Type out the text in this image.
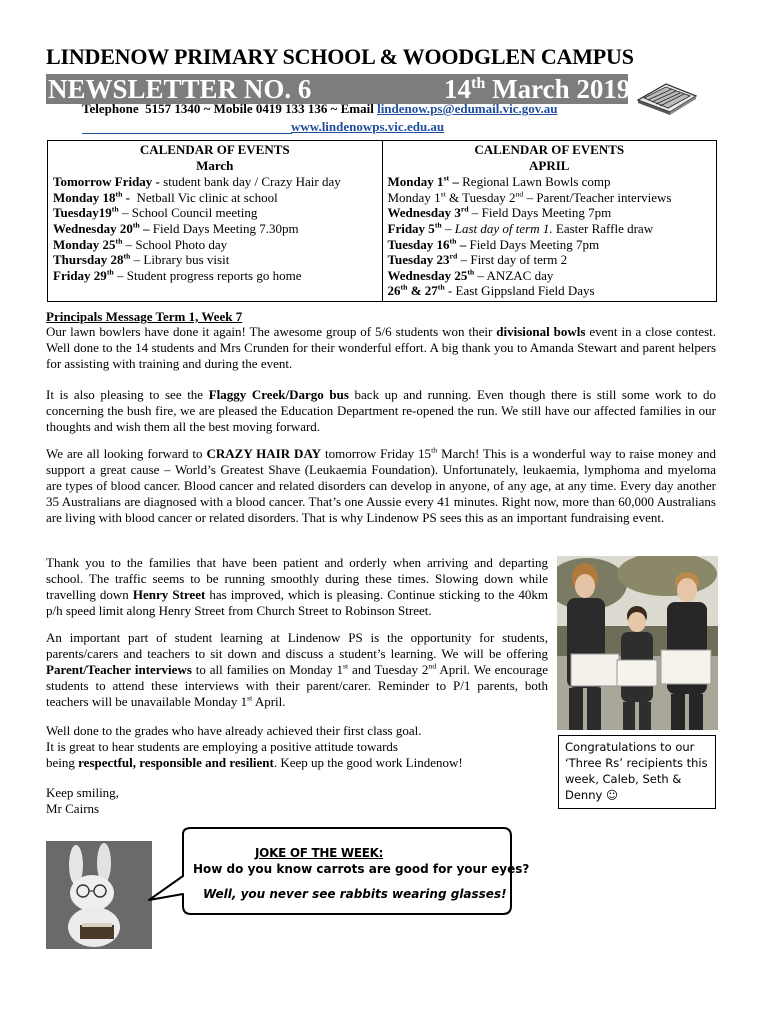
LINDENOW PRIMARY SCHOOL & WOODGLEN CAMPUS
NEWSLETTER NO. 6	14th March 2019
Telephone  5157 1340 ~ Mobile 0419 133 136 ~ Email lindenow.ps@edumail.vic.gov.au
www.lindenowps.vic.edu.au
CALENDAR OF EVENTS
March
Tomorrow Friday - student bank day / Crazy Hair day
Monday 18th -  Netball Vic clinic at school
Tuesday19th – School Council meeting
Wednesday 20th – Field Days Meeting 7.30pm
Monday 25th – School Photo day
Thursday 28th – Library bus visit
Friday 29th – Student progress reports go home

CALENDAR OF EVENTS
APRIL
Monday 1st – Regional Lawn Bowls comp
Monday 1st & Tuesday 2nd – Parent/Teacher interviews
Wednesday 3rd – Field Days Meeting 7pm
Friday 5th – Last day of term 1. Easter Raffle draw
Tuesday 16th – Field Days Meeting 7pm
Tuesday 23rd – First day of term 2
Wednesday 25th – ANZAC day
26th & 27th - East Gippsland Field Days
Principals Message Term 1, Week 7
Our lawn bowlers have done it again! The awesome group of 5/6 students won their divisional bowls event in a close contest. Well done to the 14 students and Mrs Crunden for their wonderful effort. A big thank you to Amanda Stewart and parent helpers for assisting with training and during the event.
It is also pleasing to see the Flaggy Creek/Dargo bus back up and running. Even though there is still some work to do concerning the bush fire, we are pleased the Education Department re-opened the run. We still have our affected families in our thoughts and wish them all the best moving forward.
We are all looking forward to CRAZY HAIR DAY tomorrow Friday 15th March! This is a wonderful way to raise money and support a great cause – World’s Greatest Shave (Leukaemia Foundation). Unfortunately, leukaemia, lymphoma and myeloma are types of blood cancer. Blood cancer and related disorders can develop in anyone, of any age, at any time. Every day another 35 Australians are diagnosed with a blood cancer. That’s one Aussie every 41 minutes. Right now, more than 60,000 Australians are living with blood cancer or related disorders. That is why Lindenow PS sees this as an important fundraising event.
Thank you to the families that have been patient and orderly when arriving and departing school. The traffic seems to be running smoothly during these times. Slowing down while travelling down Henry Street has improved, which is pleasing. Continue sticking to the 40km p/h speed limit along Henry Street from Church Street to Robinson Street.
An important part of student learning at Lindenow PS is the opportunity for students, parents/carers and teachers to sit down and discuss a student’s learning. We will be offering Parent/Teacher interviews to all families on Monday 1st and Tuesday 2nd April. We encourage students to attend these interviews with their parent/carer. Reminder to P/1 parents, both teachers will be unavailable Monday 1st April.
Well done to the grades who have already achieved their first class goal.
It is great to hear students are employing a positive attitude towards
being respectful, responsible and resilient. Keep up the good work Lindenow!
Keep smiling,
Mr Cairns
Congratulations to our ‘Three Rs’ recipients this week, Caleb, Seth & Denny ☺
JOKE OF THE WEEK:
How do you know carrots are good for your eyes?
Well, you never see rabbits wearing glasses!
